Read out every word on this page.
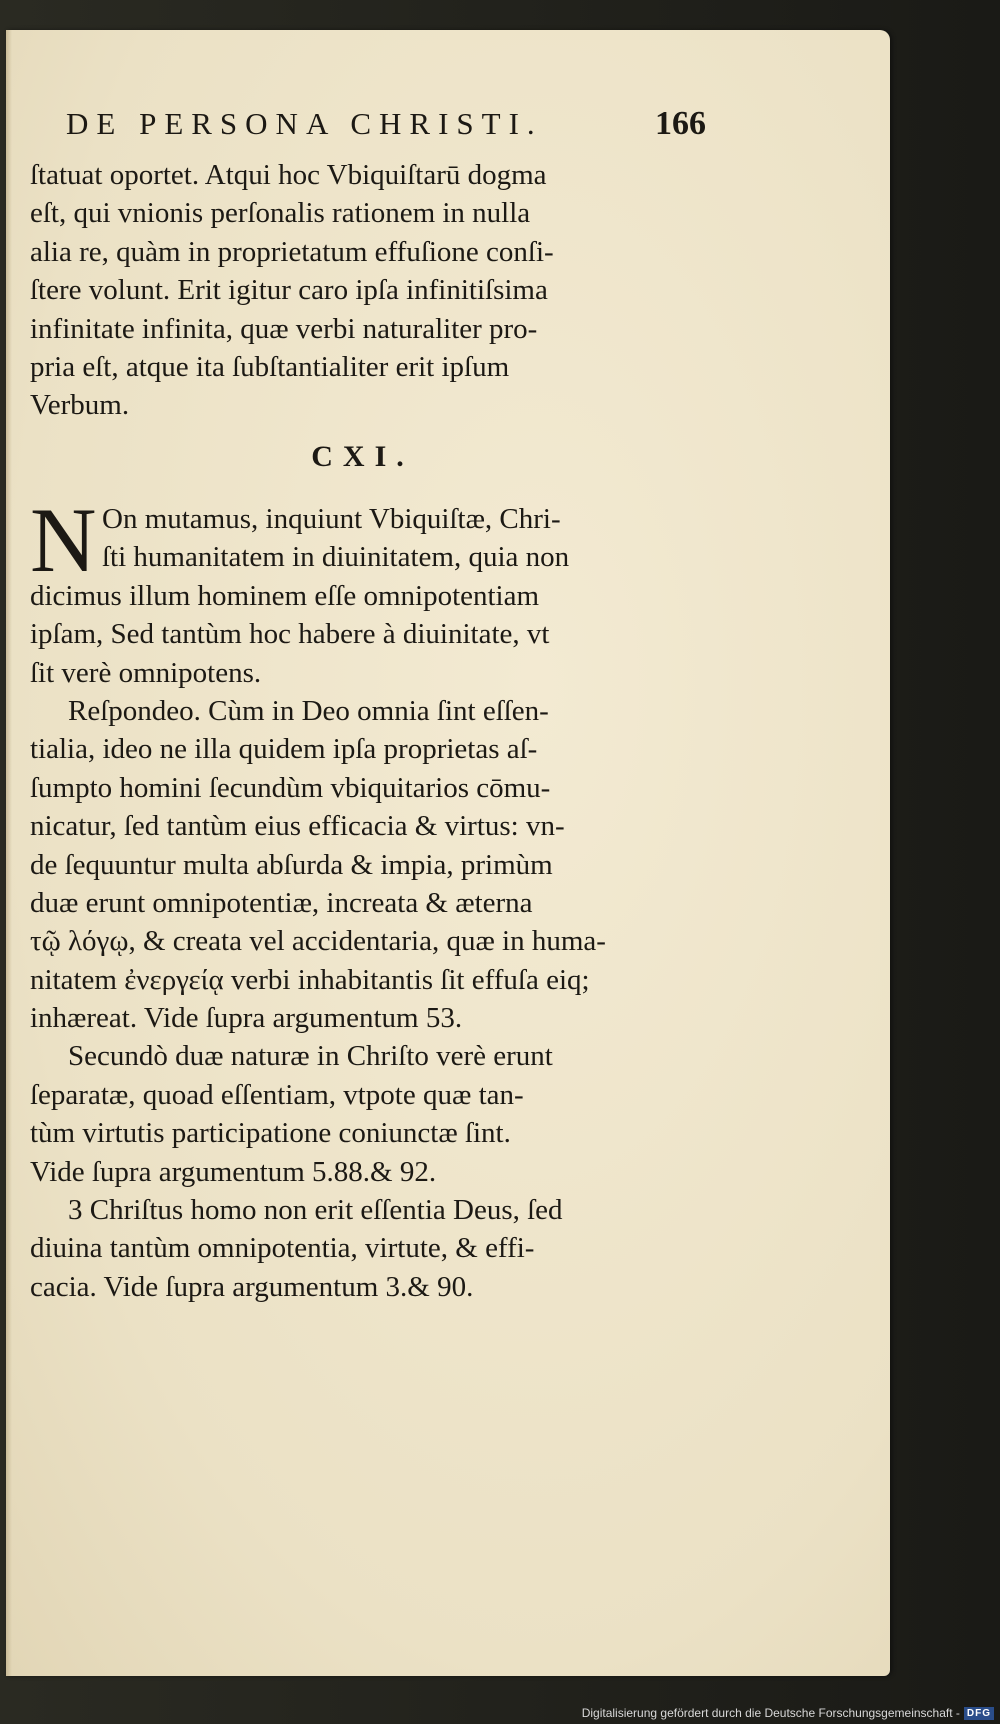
DE PERSONA CHRISTI.	166
ſtatuat oportet. Atqui hoc Vbiquiſtarū dogma
eſt, qui vnionis perſonalis rationem in nulla
alia re, quàm in proprietatum effuſione conſi-
ſtere volunt. Erit igitur caro ipſa infinitiſsima
infinitate infinita, quæ verbi naturaliter pro-
pria eſt, atque ita ſubſtantialiter erit ipſum
Verbum.
CXI.
N On mutamus, inquiunt Vbiquiſtæ, Chri-
ſti humanitatem in diuinitatem, quia non
dicimus illum hominem eſſe omnipotentiam
ipſam, Sed tantùm hoc habere à diuinitate, vt
ſit verè omnipotens.
Reſpondeo. Cùm in Deo omnia ſint eſſen-
tialia, ideo ne illa quidem ipſa proprietas aſ-
ſumpto homini ſecundùm vbiquitarios cōmu-
nicatur, ſed tantùm eius efficacia & virtus: vn-
de ſequuntur multa abſurda & impia, primùm
duæ erunt omnipotentiæ, increata & æterna
τῷ λόγῳ, & creata vel accidentaria, quæ in huma-
nitatem ἐνεργείᾳ verbi inhabitantis ſit effuſa eiq;
inhæreat. Vide ſupra argumentum 53.
Secundò duæ naturæ in Chriſto verè erunt
ſeparatæ, quoad eſſentiam, vtpote quæ tan-
tùm virtutis participatione coniunctæ ſint.
Vide ſupra argumentum 5.88.& 92.
3 Chriſtus homo non erit eſſentia Deus, ſed
diuina tantùm omnipotentia, virtute, & effi-
cacia. Vide ſupra argumentum 3.& 90.
Digitalisierung gefördert durch die Deutsche Forschungsgemeinschaft - DFG
